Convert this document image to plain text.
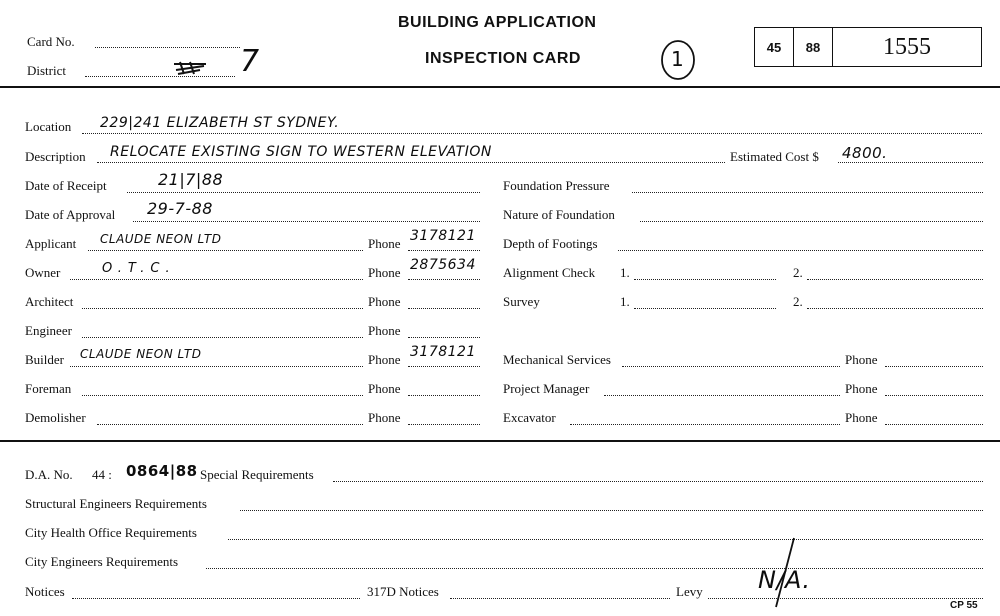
Card No.
District	7
BUILDING APPLICATION
INSPECTION CARD	1	45 88	1555
Location 229|241 ELIZABETH ST SYDNEY.
Description RELOCATE EXISTING SIGN TO WESTERN ELEVATION	Estimated Cost $ 4800.
Date of Receipt	21|7|88
Date of Approval 29-7-88
Applicant CLAUDE NEON LTD	Phone 3178121
Owner	O.T.C.	Phone 2875634
Architect	Phone
Engineer	Phone
Builder CLAUDE NEON LTD	Phone 3178121
Foreman	Phone
Demolisher	Phone
Foundation Pressure
Nature of Foundation
Depth of Footings
Alignment Check 1.	2.
Survey	1.	2.
Mechanical Services	Phone
Project Manager	Phone
Excavator	Phone
D.A. No. 44 : 0864|88 Special Requirements
Structural Engineers Requirements
City Health Office Requirements
City Engineers Requirements
Notices	317D Notices	Levy N/A.
CP 55
